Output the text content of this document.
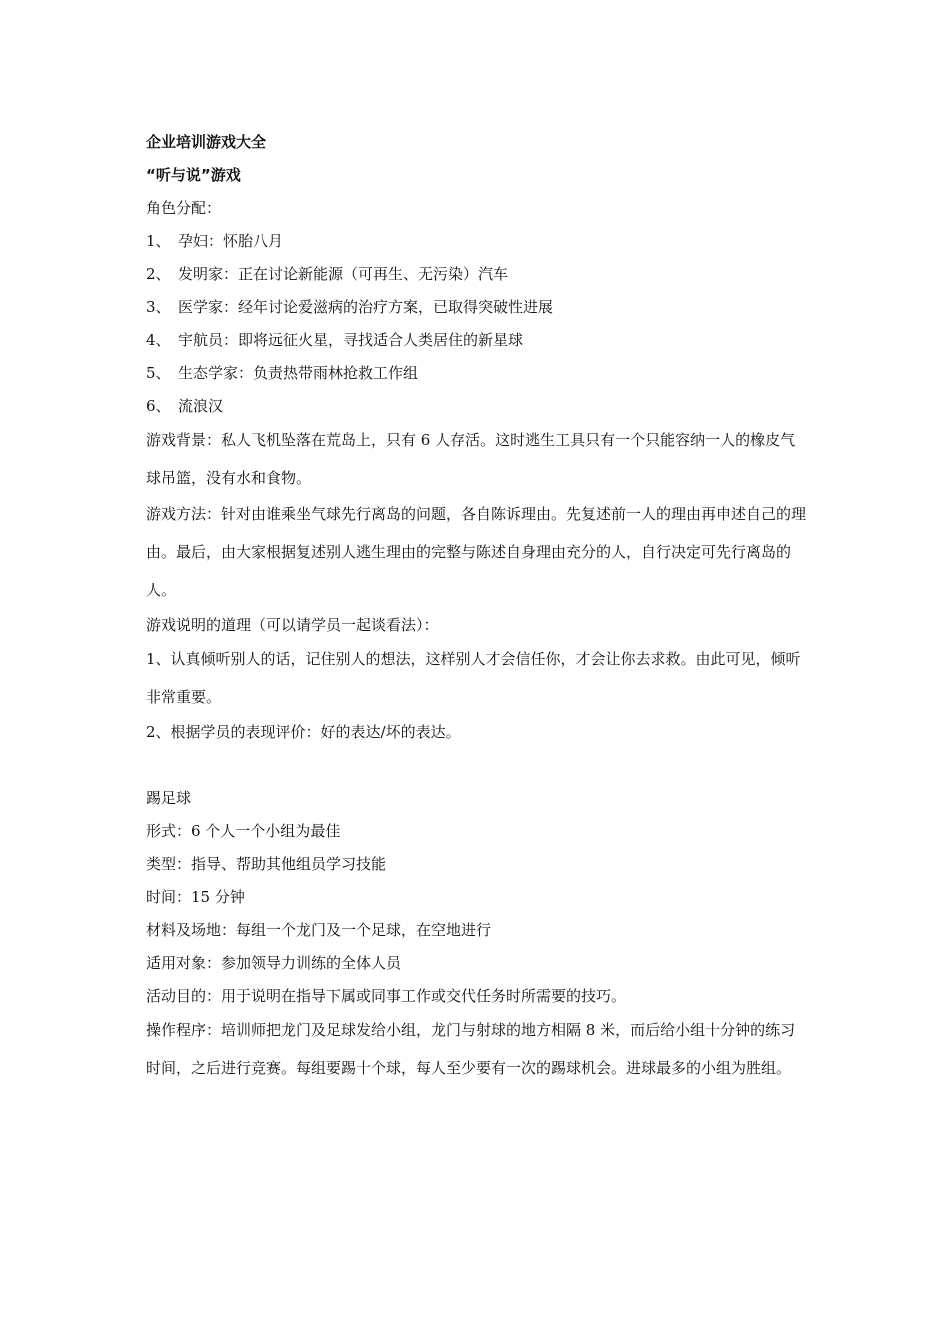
企业培训游戏大全
“听与说”游戏
角色分配：
1、 孕妇：怀胎八月
2、 发明家：正在讨论新能源（可再生、无污染）汽车
3、 医学家：经年讨论爱滋病的治疗方案，已取得突破性进展
4、 宇航员：即将远征火星，寻找适合人类居住的新星球
5、 生态学家：负责热带雨林抢救工作组
6、 流浪汉
游戏背景：私人飞机坠落在荒岛上，只有 6 人存活。这时逃生工具只有一个只能容纳一人的橡皮气球吊篮，没有水和食物。
游戏方法：针对由谁乘坐气球先行离岛的问题，各自陈诉理由。先复述前一人的理由再申述自己的理由。最后，由大家根据复述别人逃生理由的完整与陈述自身理由充分的人，自行决定可先行离岛的人。
游戏说明的道理（可以请学员一起谈看法）：
1、认真倾听别人的话，记住别人的想法，这样别人才会信任你，才会让你去求救。由此可见，倾听非常重要。
2、根据学员的表现评价：好的表达/坏的表达。
踢足球
形式：6 个人一个小组为最佳
类型：指导、帮助其他组员学习技能
时间：15 分钟
材料及场地：每组一个龙门及一个足球，在空地进行
适用对象：参加领导力训练的全体人员
活动目的：用于说明在指导下属或同事工作或交代任务时所需要的技巧。
操作程序：培训师把龙门及足球发给小组，龙门与射球的地方相隔 8 米，而后给小组十分钟的练习时间，之后进行竞赛。每组要踢十个球，每人至少要有一次的踢球机会。进球最多的小组为胜组。
